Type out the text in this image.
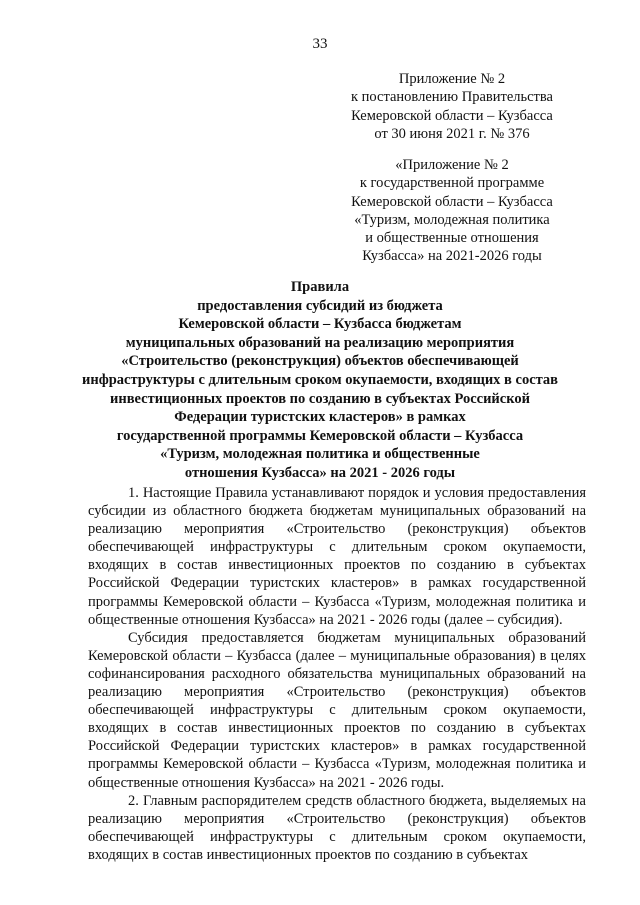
33
Приложение № 2
к постановлению Правительства
Кемеровской области – Кузбасса
от 30 июня 2021 г. № 376
«Приложение № 2
к государственной программе
Кемеровской области – Кузбасса
«Туризм, молодежная политика
и общественные отношения
Кузбасса» на 2021-2026 годы
Правила
предоставления субсидий из бюджета
Кемеровской области – Кузбасса бюджетам
муниципальных образований на реализацию мероприятия
«Строительство (реконструкция) объектов обеспечивающей
инфраструктуры с длительным сроком окупаемости, входящих в состав
инвестиционных проектов по созданию в субъектах Российской
Федерации туристских кластеров» в рамках
государственной программы Кемеровской области – Кузбасса
«Туризм, молодежная политика и общественные
отношения Кузбасса» на 2021 - 2026 годы

1. Настоящие Правила устанавливают порядок и условия предоставления субсидии из областного бюджета бюджетам муниципальных образований на реализацию мероприятия «Строительство (реконструкция) объектов обеспечивающей инфраструктуры с длительным сроком окупаемости, входящих в состав инвестиционных проектов по созданию в субъектах Российской Федерации туристских кластеров» в рамках государственной программы Кемеровской области – Кузбасса «Туризм, молодежная политика и общественные отношения Кузбасса» на 2021 - 2026 годы (далее – субсидия).

Субсидия предоставляется бюджетам муниципальных образований Кемеровской области – Кузбасса (далее – муниципальные образования) в целях софинансирования расходного обязательства муниципальных образований на реализацию мероприятия «Строительство (реконструкция) объектов обеспечивающей инфраструктуры с длительным сроком окупаемости, входящих в состав инвестиционных проектов по созданию в субъектах Российской Федерации туристских кластеров» в рамках государственной программы Кемеровской области – Кузбасса «Туризм, молодежная политика и общественные отношения Кузбасса» на 2021 - 2026 годы.

2. Главным распорядителем средств областного бюджета, выделяемых на реализацию мероприятия «Строительство (реконструкция) объектов обеспечивающей инфраструктуры с длительным сроком окупаемости, входящих в состав инвестиционных проектов по созданию в субъектах
